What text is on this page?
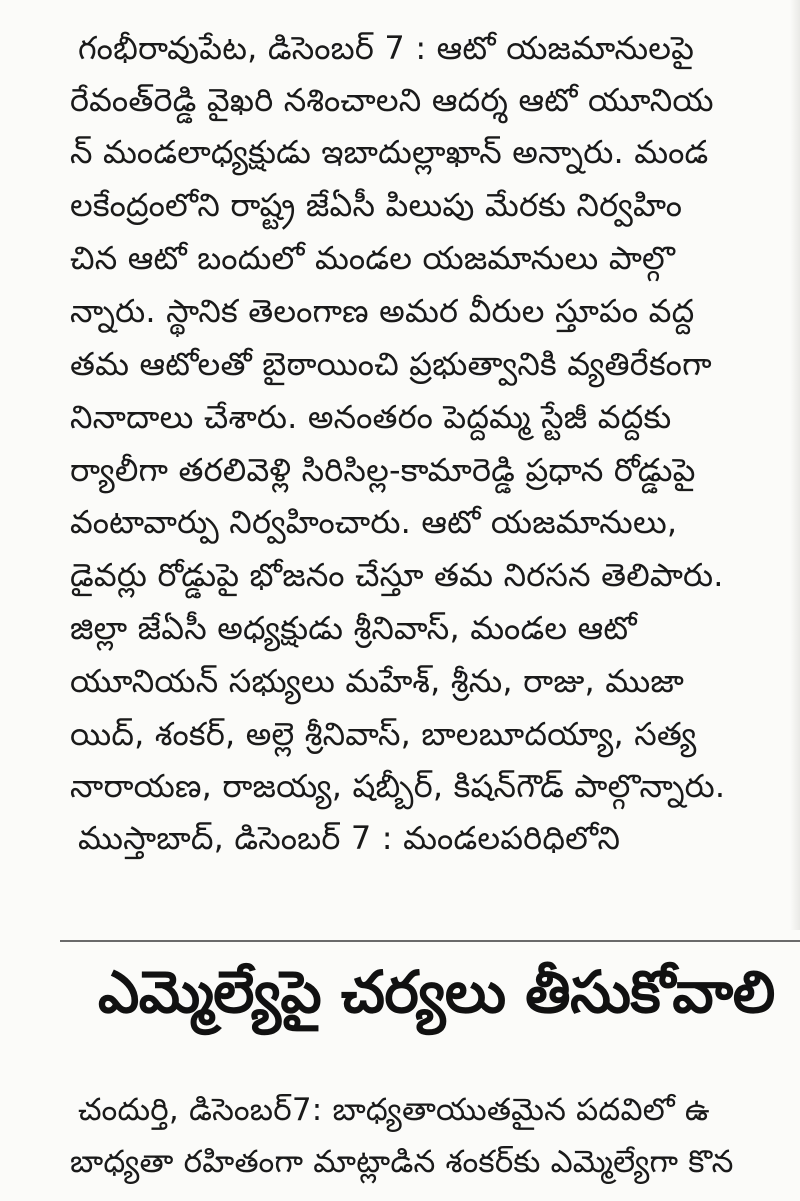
గంభీరావుపేట, డిసెంబర్ 7 : ఆటో యజమానులపై
రేవంత్‌రెడ్డి వైఖరి నశించాలని ఆదర్శ ఆటో యూనియ
న్ మండలాధ్యక్షుడు ఇబాదుల్లాఖాన్ అన్నారు. మండ
లకేంద్రంలోని రాష్ట్ర జేఏసీ పిలుపు మేరకు నిర్వహిం
చిన ఆటో బందులో మండల యజమానులు పాల్గొ
న్నారు. స్థానిక తెలంగాణ అమర వీరుల స్తూపం వద్ద
తమ ఆటోలతో బైఠాయించి ప్రభుత్వానికి వ్యతిరేకంగా
నినాదాలు చేశారు. అనంతరం పెద్దమ్మ స్టేజీ వద్దకు
ర్యాలీగా తరలివెళ్లి సిరిసిల్ల-కామారెడ్డి ప్రధాన రోడ్డుపై
వంటావార్పు నిర్వహించారు. ఆటో యజమానులు,
డైవర్లు రోడ్డుపై భోజనం చేస్తూ తమ నిరసన తెలిపారు.
జిల్లా జేఏసీ అధ్యక్షుడు శ్రీనివాస్, మండల ఆటో
యూనియన్ సభ్యులు మహేశ్, శ్రీను, రాజు, ముజా
యిద్, శంకర్, అల్లె శ్రీనివాస్, బాలబూదయ్యా, సత్య
నారాయణ, రాజయ్య, షబ్బీర్, కిషన్‌గౌడ్ పాల్గొన్నారు.
ముస్తాబాద్, డిసెంబర్ 7 : మండలపరిధిలోని
ఎమ్మెల్యేపై చర్యలు తీసుకోవాలి
చందుర్తి, డిసెంబర్7: బాధ్యతాయుతమైన పదవిలో ఉ
బాధ్యతా రహితంగా మాట్లాడిన శంకర్‌కు ఎమ్మెల్యేగా కొన
